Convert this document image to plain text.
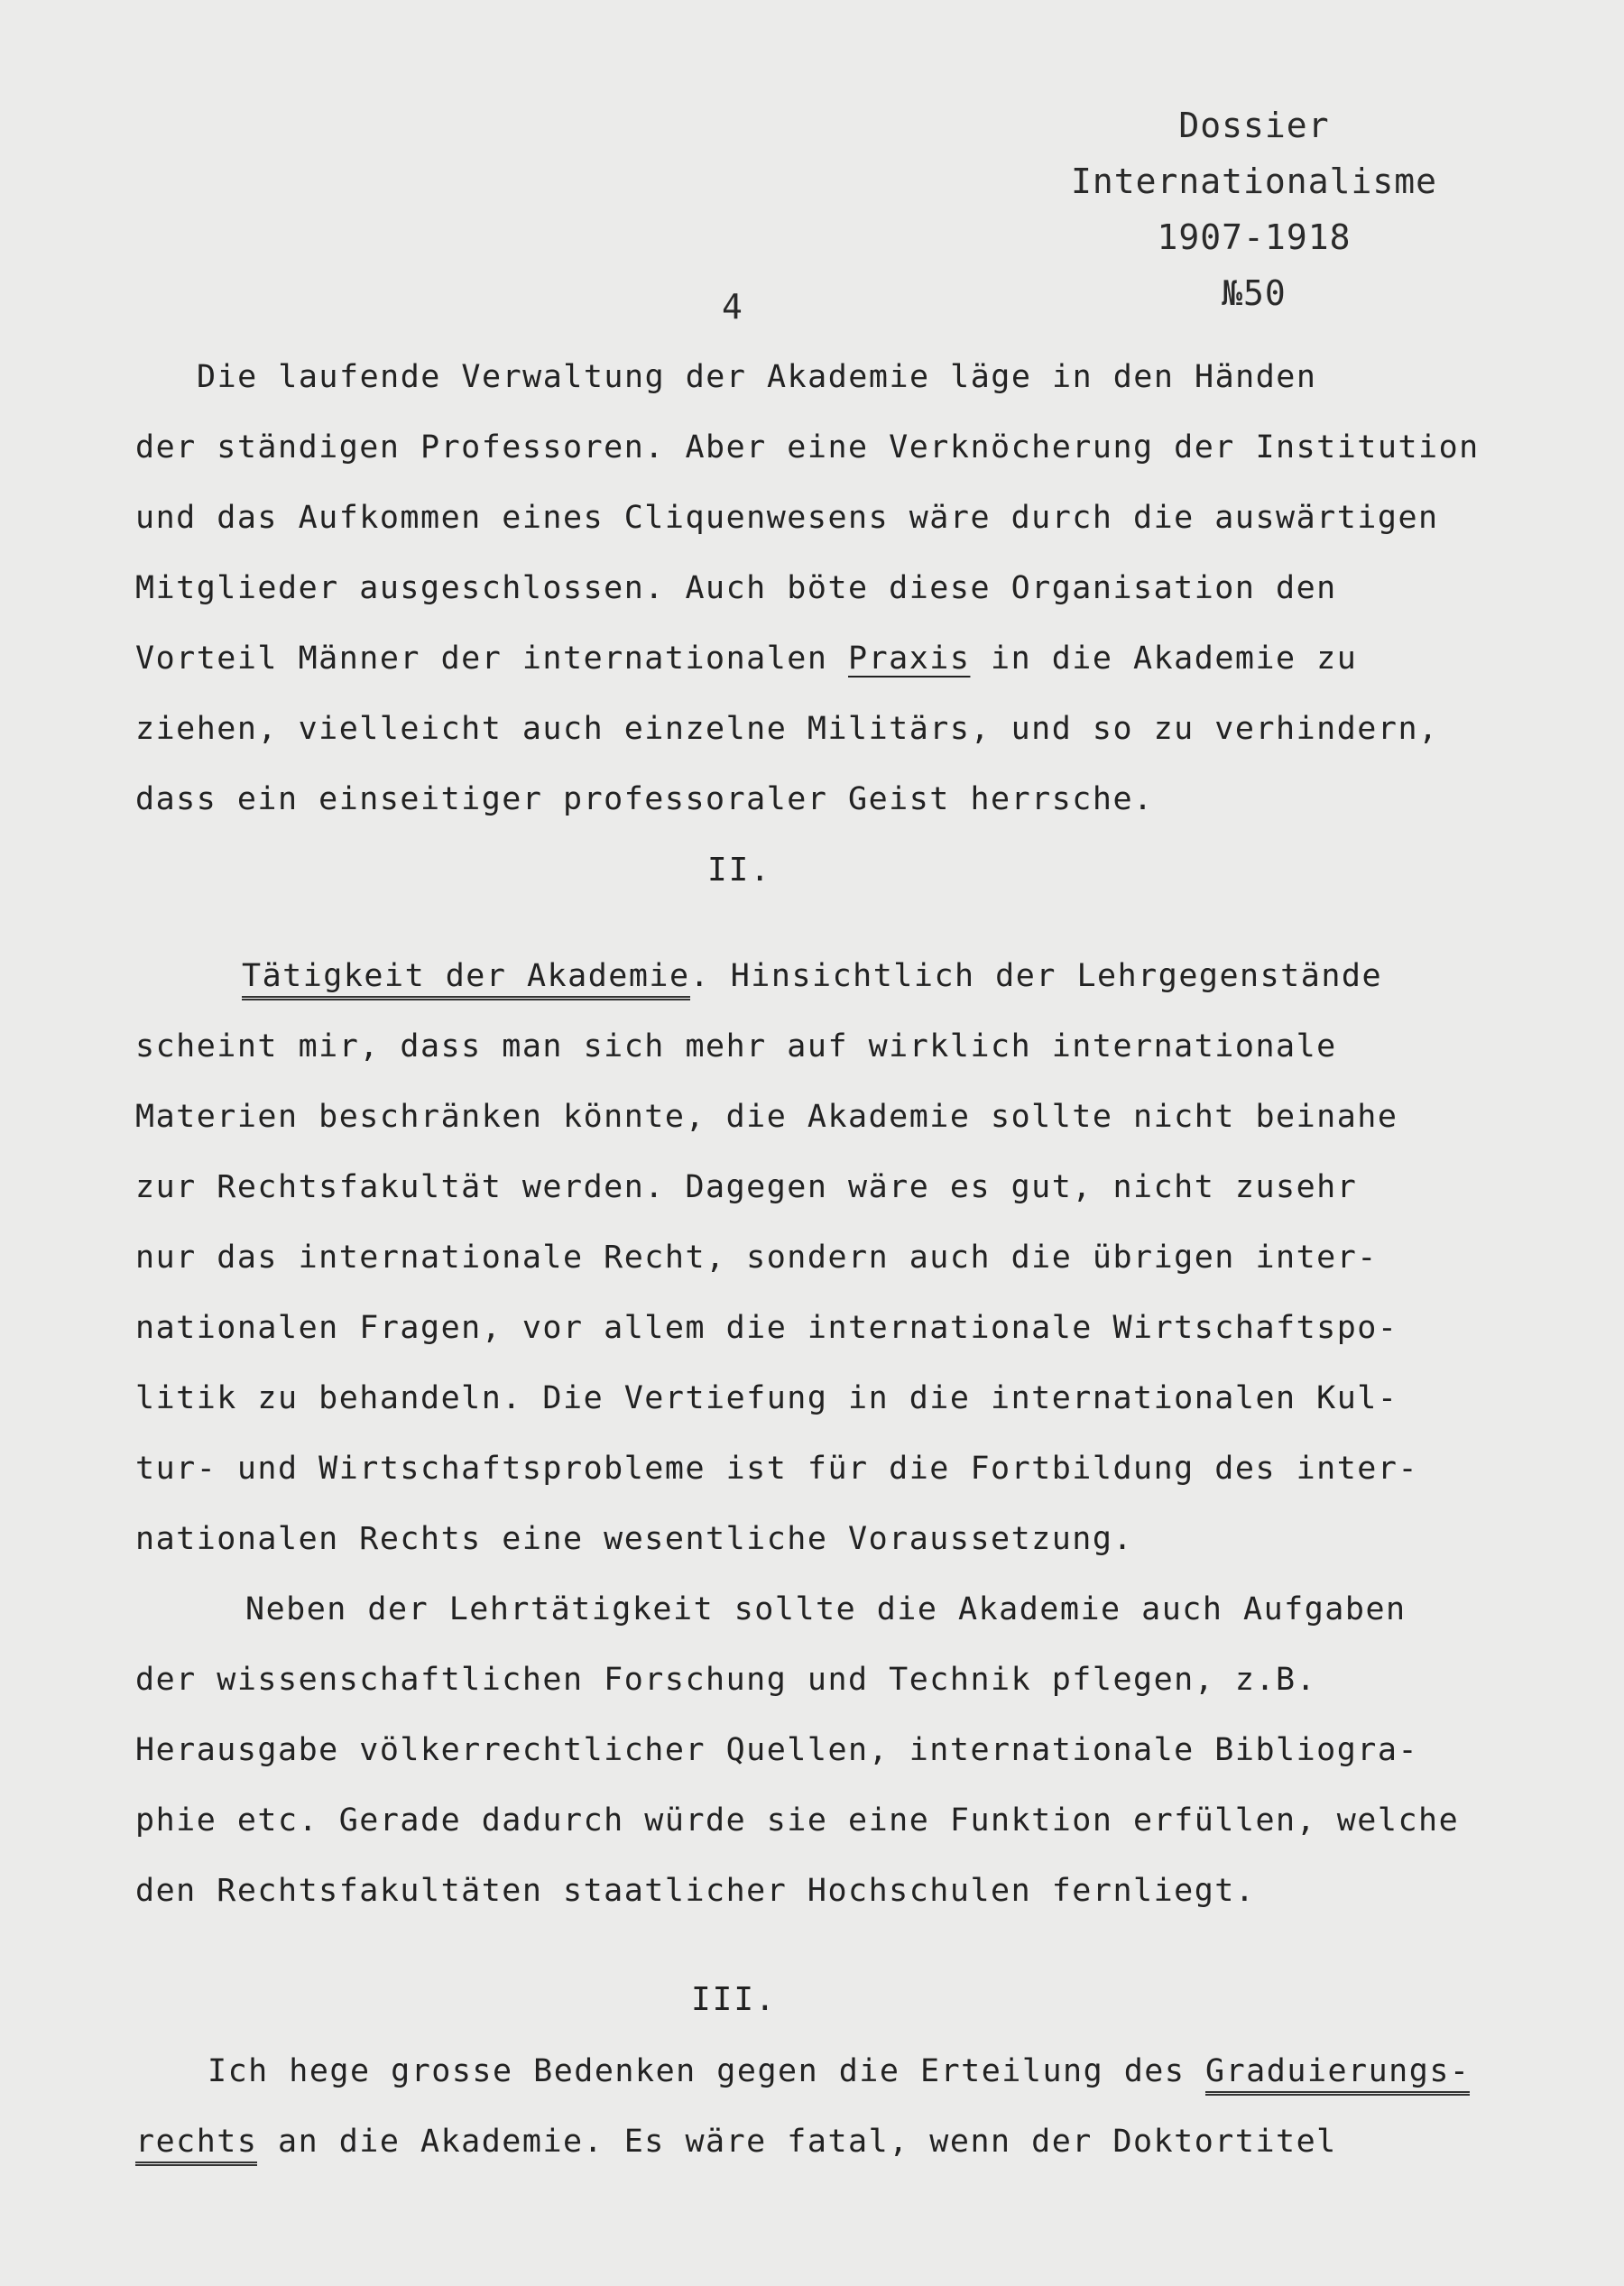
Dossier
Internationalisme
1907-1918
№50
4
Die laufende Verwaltung der Akademie läge in den Händen
der ständigen Professoren. Aber eine Verknöcherung der Institution
und das Aufkommen eines Cliquenwesens wäre durch die auswärtigen
Mitglieder ausgeschlossen. Auch böte diese Organisation den
Vorteil Männer der internationalen Praxis in die Akademie zu
ziehen, vielleicht auch einzelne Militärs, und so zu verhindern,
dass ein einseitiger professoraler Geist herrsche.
II.
Tätigkeit der Akademie. Hinsichtlich der Lehrgegenstände
scheint mir, dass man sich mehr auf wirklich internationale
Materien beschränken könnte, die Akademie sollte nicht beinahe
zur Rechtsfakultät werden. Dagegen wäre es gut, nicht zusehr
nur das internationale Recht, sondern auch die übrigen inter-
nationalen Fragen, vor allem die internationale Wirtschaftspo-
litik zu behandeln. Die Vertiefung in die internationalen Kul-
tur- und Wirtschaftsprobleme ist für die Fortbildung des inter-
nationalen Rechts eine wesentliche Voraussetzung.
Neben der Lehrtätigkeit sollte die Akademie auch Aufgaben
der wissenschaftlichen Forschung und Technik pflegen, z.B.
Herausgabe völkerrechtlicher Quellen, internationale Bibliogra-
phie etc. Gerade dadurch würde sie eine Funktion erfüllen, welche
den Rechtsfakultäten staatlicher Hochschulen fernliegt.
III.
Ich hege grosse Bedenken gegen die Erteilung des Graduierungs-
rechts an die Akademie. Es wäre fatal, wenn der Doktortitel
